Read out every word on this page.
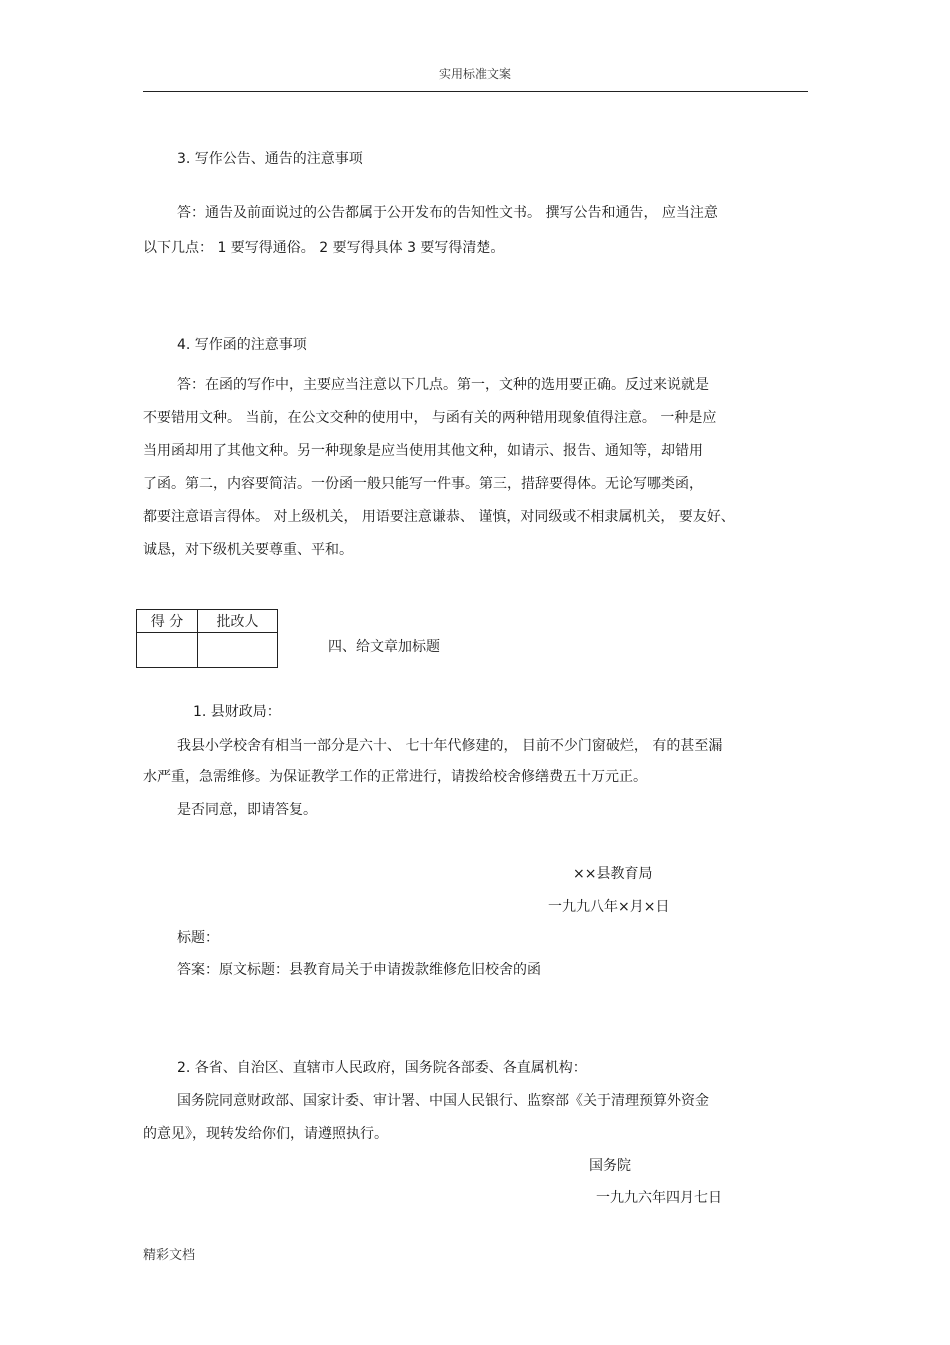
实用标准文案
3. 写作公告、通告的注意事项
答：通告及前面说过的公告都属于公开发布的告知性文书。 撰写公告和通告， 应当注意
以下几点： 1 要写得通俗。 2 要写得具体 3 要写得清楚。
4. 写作函的注意事项
答：在函的写作中，主要应当注意以下几点。第一，文种的选用要正确。反过来说就是
不要错用文种。 当前，在公文交种的使用中， 与函有关的两种错用现象值得注意。 一种是应
当用函却用了其他文种。另一种现象是应当使用其他文种，如请示、报告、通知等，却错用
了函。第二，内容要简洁。一份函一般只能写一件事。第三，措辞要得体。无论写哪类函，
都要注意语言得体。 对上级机关， 用语要注意谦恭、 谨慎，对同级或不相隶属机关， 要友好、
诚恳，对下级机关要尊重、平和。
得 分	批改人

四、给文章加标题
1. 县财政局：
我县小学校舍有相当一部分是六十、 七十年代修建的， 目前不少门窗破烂， 有的甚至漏
水严重，急需维修。为保证教学工作的正常进行，请拨给校舍修缮费五十万元正。
是否同意，即请答复。
××县教育局
一九九八年×月×日
标题：
答案：原文标题：县教育局关于申请拨款维修危旧校舍的函
2. 各省、自治区、直辖市人民政府，国务院各部委、各直属机构：
国务院同意财政部、国家计委、审计署、中国人民银行、监察部《关于清理预算外资金
的意见》，现转发给你们，请遵照执行。
国务院
一九九六年四月七日
精彩文档
